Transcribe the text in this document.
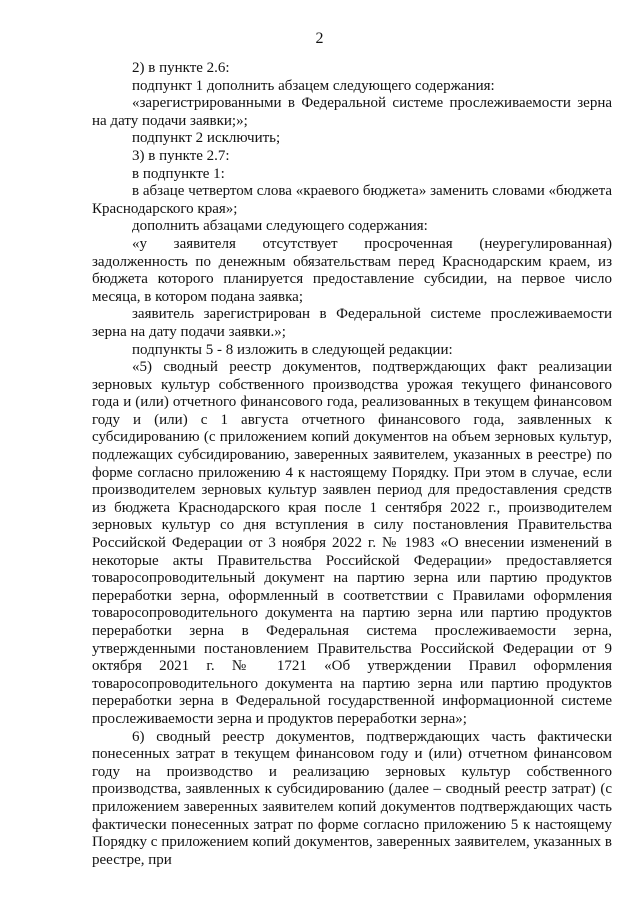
2

2) в пункте 2.6:

подпункт 1 дополнить абзацем следующего содержания:

«зарегистрированными в Федеральной системе прослеживаемости зерна на дату подачи заявки;»;

подпункт 2 исключить;

3) в пункте 2.7:

в подпункте 1:

в абзаце четвертом слова «краевого бюджета» заменить словами «бюджета Краснодарского края»;

дополнить абзацами следующего содержания:

«у заявителя отсутствует просроченная (неурегулированная) задолженность по денежным обязательствам перед Краснодарским краем, из бюджета которого планируется предоставление субсидии, на первое число месяца, в котором подана заявка;

заявитель зарегистрирован в Федеральной системе прослеживаемости зерна на дату подачи заявки.»;

подпункты 5 - 8 изложить в следующей редакции:

«5) сводный реестр документов, подтверждающих факт реализации зерновых культур собственного производства урожая текущего финансового года и (или) отчетного финансового года, реализованных в текущем финансовом году и (или) с 1 августа отчетного финансового года, заявленных к субсидированию (с приложением копий документов на объем зерновых культур, подлежащих субсидированию, заверенных заявителем, указанных в реестре) по форме согласно приложению 4 к настоящему Порядку. При этом в случае, если производителем зерновых культур заявлен период для предоставления средств из бюджета Краснодарского края после 1 сентября 2022 г., производителем зерновых культур со дня вступления в силу постановления Правительства Российской Федерации от 3 ноября 2022 г. № 1983 «О внесении изменений в некоторые акты Правительства Российской Федерации» предоставляется товаросопроводительный документ на партию зерна или партию продуктов переработки зерна, оформленный в соответствии с Правилами оформления товаросопроводительного документа на партию зерна или партию продуктов переработки зерна в Федеральная система прослеживаемости зерна, утвержденными постановлением Правительства Российской Федерации от 9 октября 2021 г. № 1721 «Об утверждении Правил оформления товаросопроводительного документа на партию зерна или партию продуктов переработки зерна в Федеральной государственной информационной системе прослеживаемости зерна и продуктов переработки зерна»;

6) сводный реестр документов, подтверждающих часть фактически понесенных затрат в текущем финансовом году и (или) отчетном финансовом году на производство и реализацию зерновых культур собственного производства, заявленных к субсидированию (далее – сводный реестр затрат) (с приложением заверенных заявителем копий документов подтверждающих часть фактически понесенных затрат по форме согласно приложению 5 к настоящему Порядку с приложением копий документов, заверенных заявителем, указанных в реестре, при
